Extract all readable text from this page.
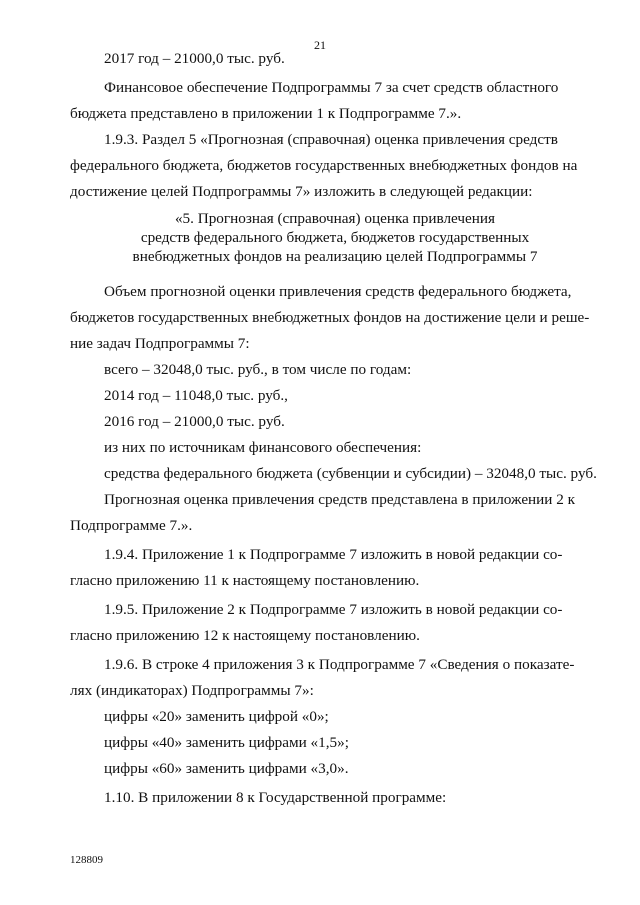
21
2017 год – 21000,0 тыс. руб.
Финансовое обеспечение Подпрограммы 7 за счет средств областного
бюджета представлено в приложении 1 к Подпрограмме 7.».
1.9.3. Раздел 5 «Прогнозная (справочная) оценка привлечения средств
федерального бюджета, бюджетов государственных внебюджетных фондов на
достижение целей Подпрограммы 7» изложить в следующей редакции:
«5. Прогнозная (справочная) оценка привлечения
средств федерального бюджета, бюджетов государственных
внебюджетных фондов на реализацию целей Подпрограммы 7
Объем прогнозной оценки привлечения средств федерального бюджета,
бюджетов государственных внебюджетных фондов на достижение цели и реше-
ние задач Подпрограммы 7:
всего – 32048,0 тыс. руб., в том числе по годам:
2014 год – 11048,0 тыс. руб.,
2016 год – 21000,0 тыс. руб.
из них по источникам финансового обеспечения:
средства федерального бюджета (субвенции и субсидии) – 32048,0 тыс. руб.
Прогнозная оценка привлечения средств представлена в приложении 2 к
Подпрограмме 7.».
1.9.4. Приложение 1 к Подпрограмме 7 изложить в новой редакции со-
гласно приложению 11 к настоящему постановлению.
1.9.5. Приложение 2 к Подпрограмме 7 изложить в новой редакции со-
гласно приложению 12 к настоящему постановлению.
1.9.6. В строке 4 приложения 3 к Подпрограмме 7 «Сведения о показате-
лях (индикаторах) Подпрограммы 7»:
цифры «20» заменить цифрой «0»;
цифры «40» заменить цифрами «1,5»;
цифры «60» заменить цифрами «3,0».
1.10. В приложении 8 к Государственной программе:
128809
